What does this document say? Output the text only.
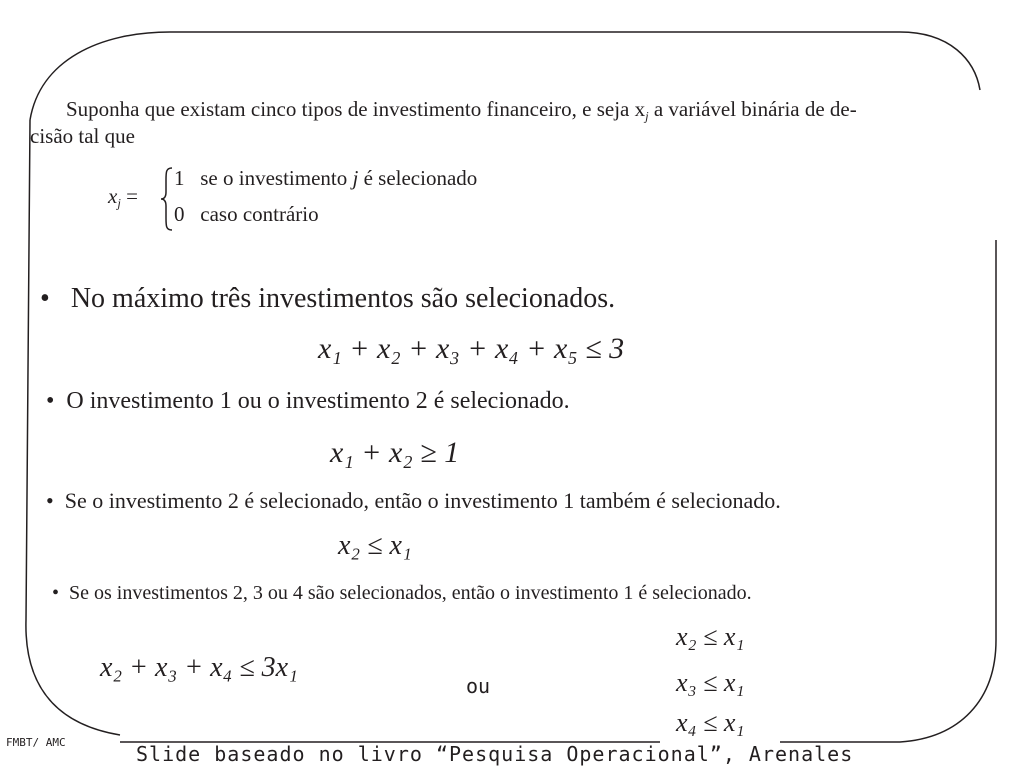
Suponha que existam cinco tipos de investimento financeiro, e seja $x_j$ a variável binária de de-
cisão tal que
$x_j$ =
1 se o investimento j é selecionado
0 caso contrário
• No máximo três investimentos são selecionados.
x₁ + x₂ + x₃ + x₄ + x₅ ≤ 3
• O investimento 1 ou o investimento 2 é selecionado.
x₁ + x₂ ≥ 1
• Se o investimento 2 é selecionado, então o investimento 1 também é selecionado.
x₂ ≤ x₁
• Se os investimentos 2, 3 ou 4 são selecionados, então o investimento 1 é selecionado.
x₂ + x₃ + x₄ ≤ 3x₁
ou
x₂ ≤ x₁
x₃ ≤ x₁
x₄ ≤ x₁
FMBT/ AMC	Slide baseado no livro “Pesquisa Operacional”, Arenales
